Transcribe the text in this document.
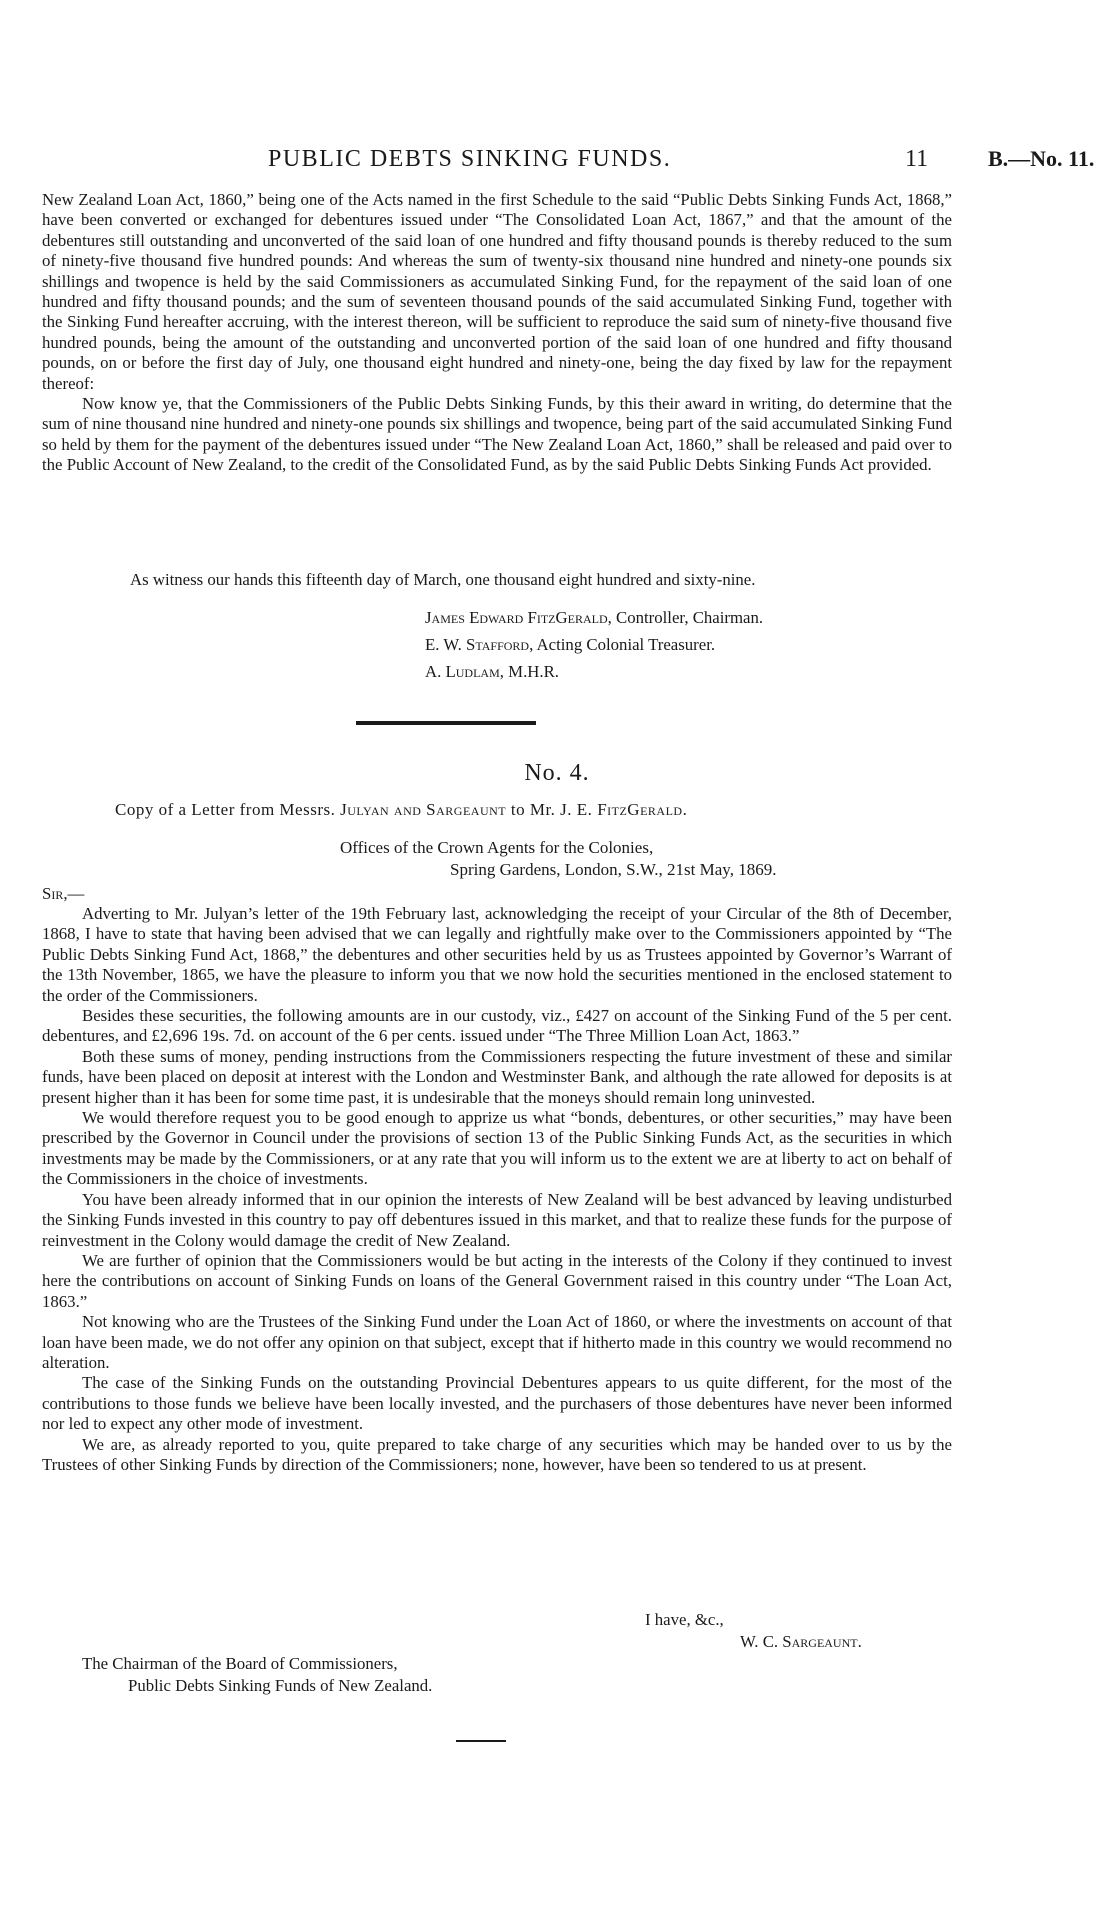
PUBLIC DEBTS SINKING FUNDS.	11	B.—No. 11.

New Zealand Loan Act, 1860,” being one of the Acts named in the first Schedule to the said “Public Debts Sinking Funds Act, 1868,” have been converted or exchanged for debentures issued under “The Consolidated Loan Act, 1867,” and that the amount of the debentures still outstanding and unconverted of the said loan of one hundred and fifty thousand pounds is thereby reduced to the sum of ninety-five thousand five hundred pounds: And whereas the sum of twenty-six thousand nine hundred and ninety-one pounds six shillings and twopence is held by the said Commissioners as accumulated Sinking Fund, for the repayment of the said loan of one hundred and fifty thousand pounds; and the sum of seventeen thousand pounds of the said accumulated Sinking Fund, together with the Sinking Fund hereafter accruing, with the interest thereon, will be sufficient to reproduce the said sum of ninety-five thousand five hundred pounds, being the amount of the outstanding and unconverted portion of the said loan of one hundred and fifty thousand pounds, on or before the first day of July, one thousand eight hundred and ninety-one, being the day fixed by law for the repayment thereof:

Now know ye, that the Commissioners of the Public Debts Sinking Funds, by this their award in writing, do determine that the sum of nine thousand nine hundred and ninety-one pounds six shillings and twopence, being part of the said accumulated Sinking Fund so held by them for the payment of the debentures issued under “The New Zealand Loan Act, 1860,” shall be released and paid over to the Public Account of New Zealand, to the credit of the Consolidated Fund, as by the said Public Debts Sinking Funds Act provided.

As witness our hands this fifteenth day of March, one thousand eight hundred and sixty-nine.
James Edward FitzGerald, Controller, Chairman.
E. W. Stafford, Acting Colonial Treasurer.
A. Ludlam, M.H.R.
No. 4.
Copy of a Letter from Messrs. Julyan and Sargeaunt to Mr. J. E. FitzGerald.
Offices of the Crown Agents for the Colonies,
Spring Gardens, London, S.W., 21st May, 1869.
Sir,—

Adverting to Mr. Julyan’s letter of the 19th February last, acknowledging the receipt of your Circular of the 8th of December, 1868, I have to state that having been advised that we can legally and rightfully make over to the Commissioners appointed by “The Public Debts Sinking Fund Act, 1868,” the debentures and other securities held by us as Trustees appointed by Governor’s Warrant of the 13th November, 1865, we have the pleasure to inform you that we now hold the securities mentioned in the enclosed statement to the order of the Commissioners.

Besides these securities, the following amounts are in our custody, viz., £427 on account of the Sinking Fund of the 5 per cent. debentures, and £2,696 19s. 7d. on account of the 6 per cents. issued under “The Three Million Loan Act, 1863.”

Both these sums of money, pending instructions from the Commissioners respecting the future investment of these and similar funds, have been placed on deposit at interest with the London and Westminster Bank, and although the rate allowed for deposits is at present higher than it has been for some time past, it is undesirable that the moneys should remain long uninvested.

We would therefore request you to be good enough to apprize us what “bonds, debentures, or other securities,” may have been prescribed by the Governor in Council under the provisions of section 13 of the Public Sinking Funds Act, as the securities in which investments may be made by the Commissioners, or at any rate that you will inform us to the extent we are at liberty to act on behalf of the Commissioners in the choice of investments.

You have been already informed that in our opinion the interests of New Zealand will be best advanced by leaving undisturbed the Sinking Funds invested in this country to pay off debentures issued in this market, and that to realize these funds for the purpose of reinvestment in the Colony would damage the credit of New Zealand.

We are further of opinion that the Commissioners would be but acting in the interests of the Colony if they continued to invest here the contributions on account of Sinking Funds on loans of the General Government raised in this country under “The Loan Act, 1863.”

Not knowing who are the Trustees of the Sinking Fund under the Loan Act of 1860, or where the investments on account of that loan have been made, we do not offer any opinion on that subject, except that if hitherto made in this country we would recommend no alteration.

The case of the Sinking Funds on the outstanding Provincial Debentures appears to us quite different, for the most of the contributions to those funds we believe have been locally invested, and the purchasers of those debentures have never been informed nor led to expect any other mode of investment.

We are, as already reported to you, quite prepared to take charge of any securities which may be handed over to us by the Trustees of other Sinking Funds by direction of the Commissioners; none, however, have been so tendered to us at present.

I have, &c.,
W. C. Sargeaunt.
The Chairman of the Board of Commissioners,
Public Debts Sinking Funds of New Zealand.
